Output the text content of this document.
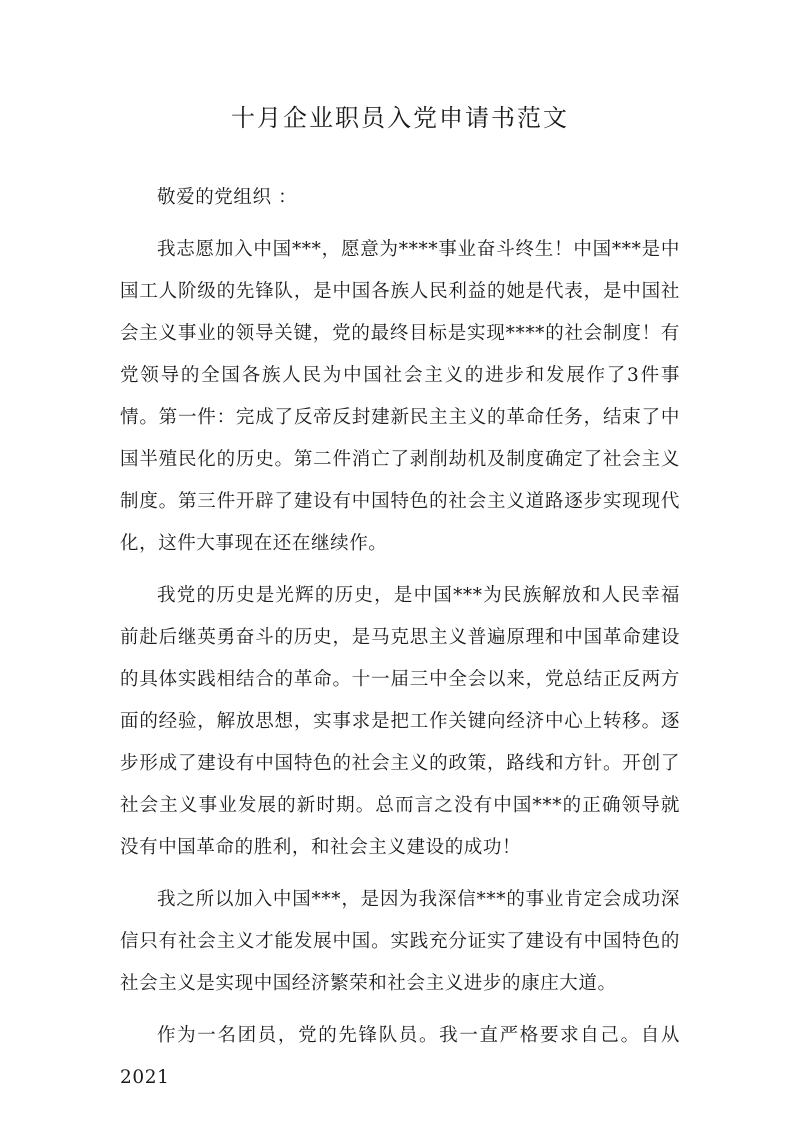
十月企业职员入党申请书范文

敬爱的党组织 ：

我志愿加入中国***，愿意为****事业奋斗终生！中国***是中国工人阶级的先锋队，是中国各族人民利益的她是代表，是中国社会主义事业的领导关键，党的最终目标是实现****的社会制度！有党领导的全国各族人民为中国社会主义的进步和发展作了3件事情。第一件：完成了反帝反封建新民主主义的革命任务，结束了中国半殖民化的历史。第二件消亡了剥削劫机及制度确定了社会主义制度。第三件开辟了建设有中国特色的社会主义道路逐步实现现代化，这件大事现在还在继续作。

我党的历史是光辉的历史，是中国***为民族解放和人民幸福前赴后继英勇奋斗的历史，是马克思主义普遍原理和中国革命建设的具体实践相结合的革命。十一届三中全会以来，党总结正反两方面的经验，解放思想，实事求是把工作关键向经济中心上转移。逐步形成了建设有中国特色的社会主义的政策，路线和方针。开创了社会主义事业发展的新时期。总而言之没有中国***的正确领导就没有中国革命的胜利，和社会主义建设的成功！

我之所以加入中国***，是因为我深信***的事业肯定会成功深信只有社会主义才能发展中国。实践充分证实了建设有中国特色的社会主义是实现中国经济繁荣和社会主义进步的康庄大道。

作为一名团员，党的先锋队员。我一直严格要求自己。自从2021
